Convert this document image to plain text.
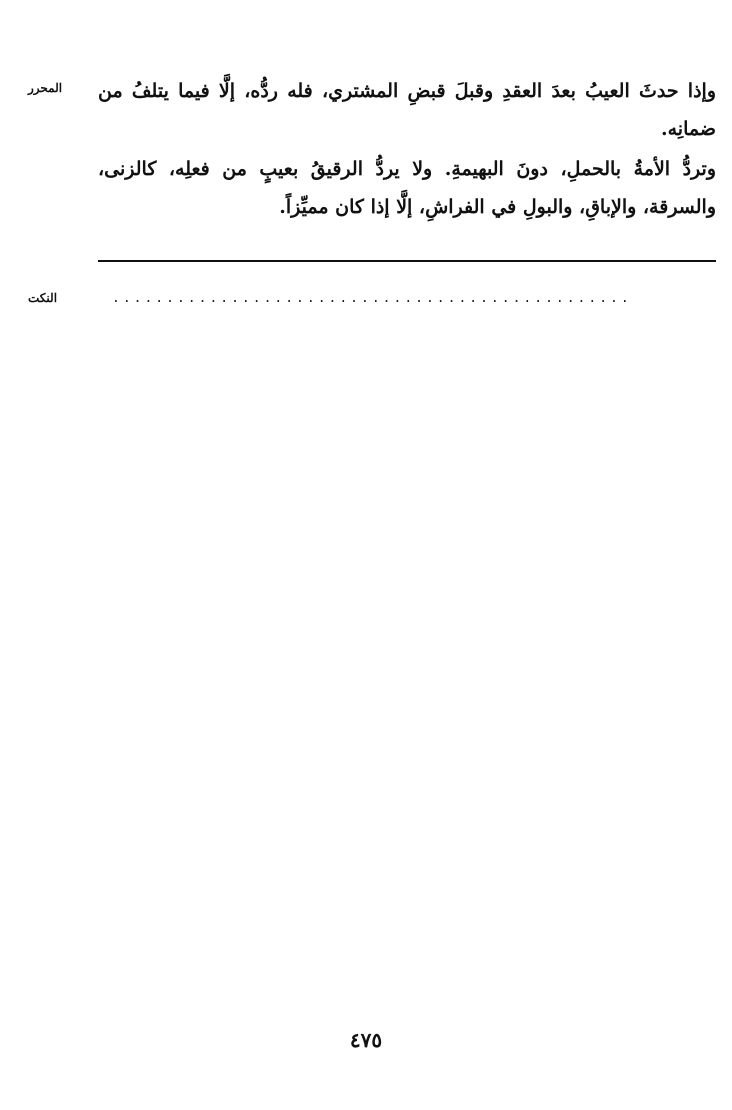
المحرر	وإذا حدثَ العيبُ بعدَ العقدِ وقبلَ قبضِ المشتري، فله ردُّه، إلَّا فيما يتلفُ من ضمانِه.

وتردُّ الأمةُ بالحملِ، دونَ البهيمةِ. ولا يردُّ الرقيقُ بعيبٍ من فعلِه، كالزنى، والسرقة، والإباقِ، والبولِ في الفراشِ، إلَّا إذا كان مميِّزاً.

النكت	................................................
٤٧٥
